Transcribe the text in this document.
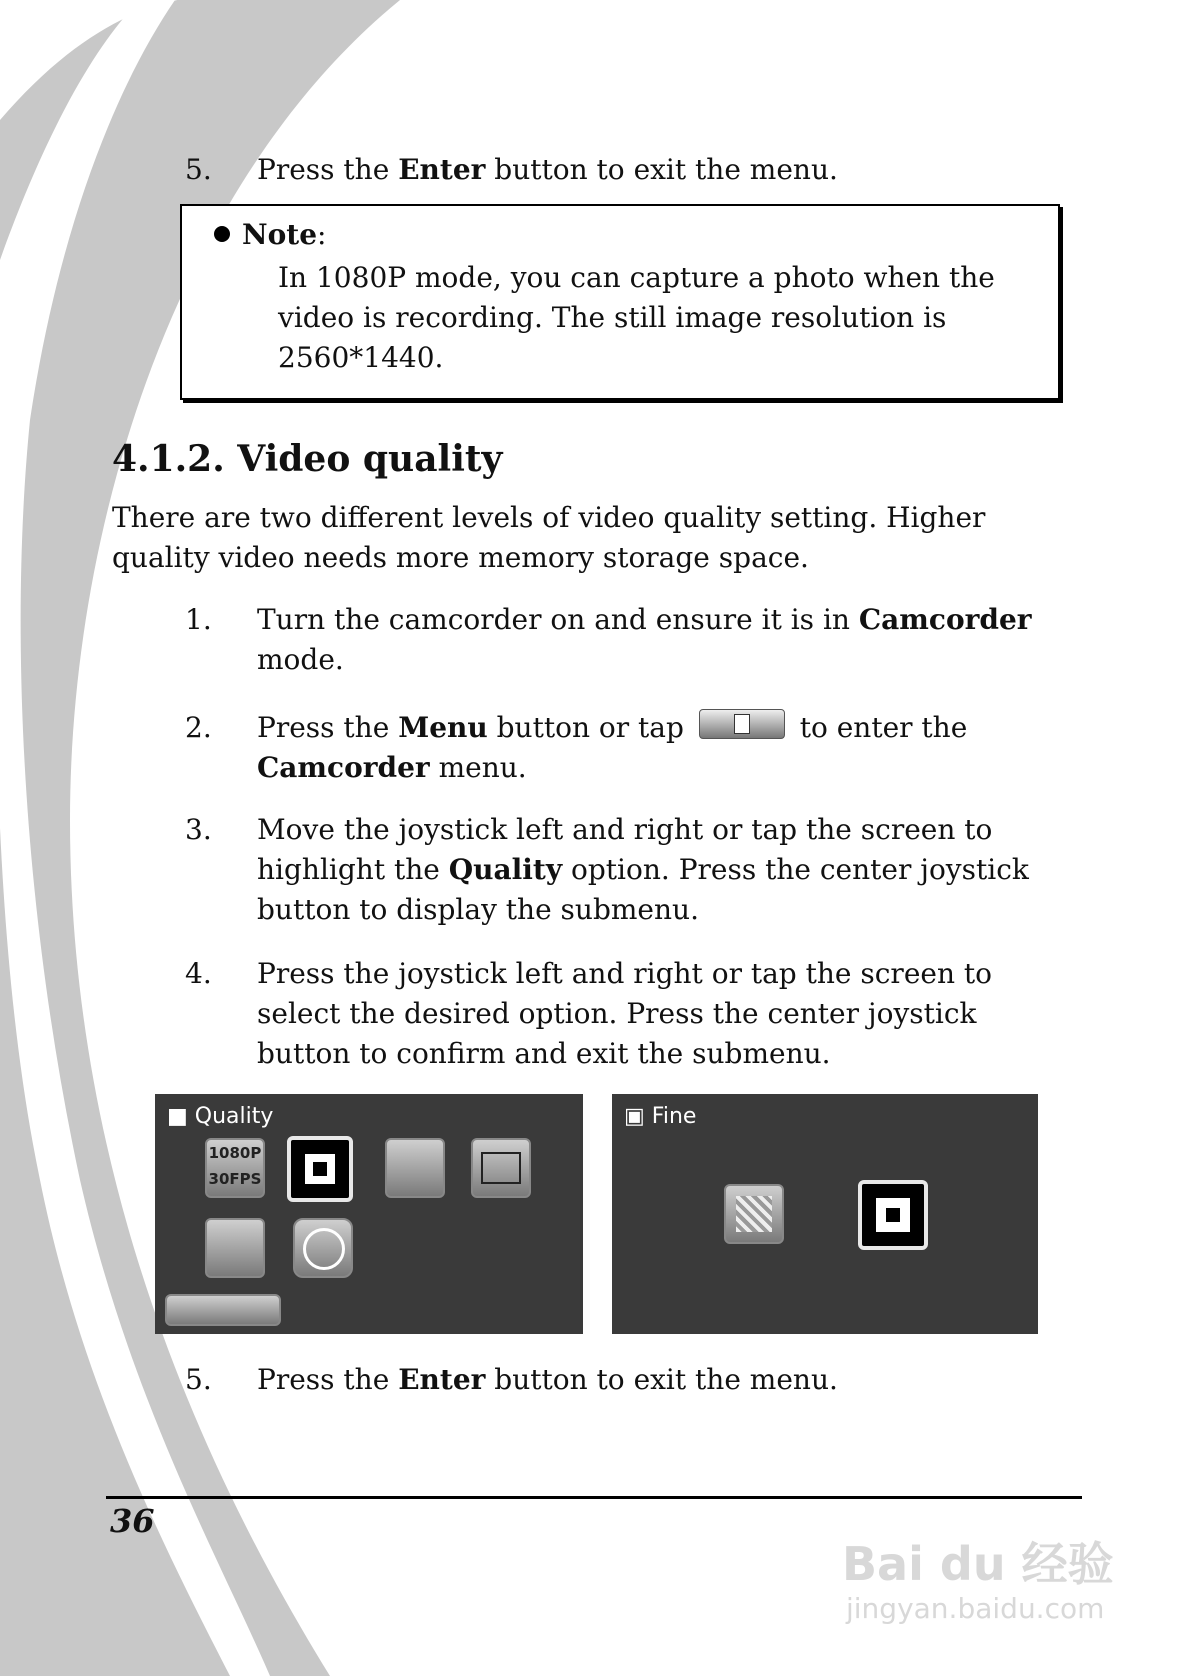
5.	Press the Enter button to exit the menu.
Note:
In 1080P mode, you can capture a photo when the video is recording. The still image resolution is 2560*1440.
4.1.2. Video quality
There are two different levels of video quality setting. Higher quality video needs more memory storage space.
1.	Turn the camcorder on and ensure it is in Camcorder mode.
2.	Press the Menu button or tap	to enter the Camcorder menu.
3.	Move the joystick left and right or tap the screen to highlight the Quality option. Press the center joystick button to display the submenu.
4.	Press the joystick left and right or tap the screen to select the desired option. Press the center joystick button to confirm and exit the submenu.
■ Quality
1080P 30FPS
▣ Fine
5.	Press the Enter button to exit the menu.
36
Bai du 经验
jingyan.baidu.com
